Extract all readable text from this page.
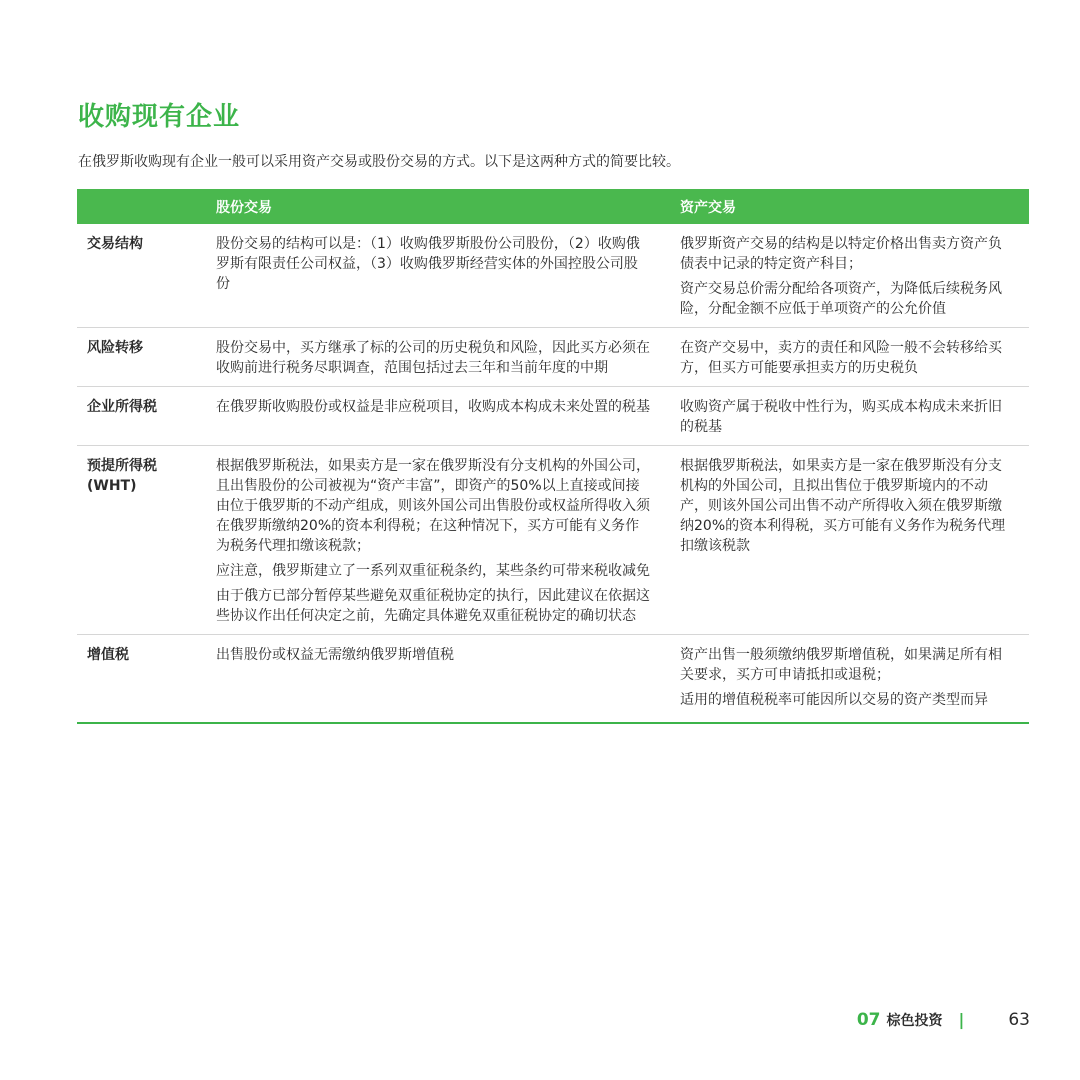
收购现有企业
在俄罗斯收购现有企业一般可以采用资产交易或股份交易的方式。以下是这两种方式的简要比较。
	股份交易	资产交易
交易结构	股份交易的结构可以是：（1）收购俄罗斯股份公司股份，（2）收购俄罗斯有限责任公司权益，（3）收购俄罗斯经营实体的外国控股公司股份	俄罗斯资产交易的结构是以特定价格出售卖方资产负债表中记录的特定资产科目；

资产交易总价需分配给各项资产，为降低后续税务风险，分配金额不应低于单项资产的公允价值

风险转移	股份交易中，买方继承了标的公司的历史税负和风险，因此买方必须在收购前进行税务尽职调查，范围包括过去三年和当前年度的中期	在资产交易中，卖方的责任和风险一般不会转移给买方，但买方可能要承担卖方的历史税负

企业所得税	在俄罗斯收购股份或权益是非应税项目，收购成本构成未来处置的税基	收购资产属于税收中性行为，购买成本构成未来折旧的税基

预提所得税 (WHT)	根据俄罗斯税法，如果卖方是一家在俄罗斯没有分支机构的外国公司，且出售股份的公司被视为“资产丰富”，即资产的50%以上直接或间接由位于俄罗斯的不动产组成，则该外国公司出售股份或权益所得收入须在俄罗斯缴纳20%的资本利得税；在这种情况下，买方可能有义务作为税务代理扣缴该税款；

应注意，俄罗斯建立了一系列双重征税条约，某些条约可带来税收减免

由于俄方已部分暂停某些避免双重征税协定的执行，因此建议在依据这些协议作出任何决定之前，先确定具体避免双重征税协定的确切状态	根据俄罗斯税法，如果卖方是一家在俄罗斯没有分支机构的外国公司，且拟出售位于俄罗斯境内的不动产，则该外国公司出售不动产所得收入须在俄罗斯缴纳20%的资本利得税，买方可能有义务作为税务代理扣缴该税款

增值税	出售股份或权益无需缴纳俄罗斯增值税	资产出售一般须缴纳俄罗斯增值税，如果满足所有相关要求，买方可申请抵扣或退税；

适用的增值税税率可能因所以交易的资产类型而异

07 棕色投资 |	63
